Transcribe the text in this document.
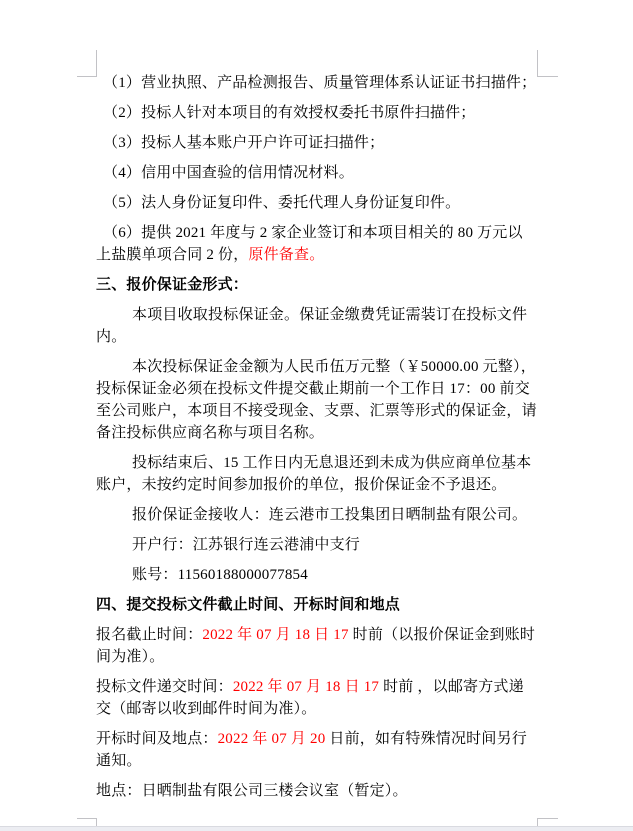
（1）营业执照、产品检测报告、质量管理体系认证证书扫描件；

（2）投标人针对本项目的有效授权委托书原件扫描件；

（3）投标人基本账户开户许可证扫描件；

（4）信用中国查验的信用情况材料。

（5）法人身份证复印件、委托代理人身份证复印件。

（6）提供 2021 年度与 2 家企业签订和本项目相关的 80 万元以上盐膜单项合同 2 份，原件备查。

三、报价保证金形式：

本项目收取投标保证金。保证金缴费凭证需装订在投标文件内。

本次投标保证金金额为人民币伍万元整（￥50000.00 元整），投标保证金必须在投标文件提交截止期前一个工作日 17：00 前交至公司账户，本项目不接受现金、支票、汇票等形式的保证金，请备注投标供应商名称与项目名称。

投标结束后、15 工作日内无息退还到未成为供应商单位基本账户，未按约定时间参加报价的单位，报价保证金不予退还。

报价保证金接收人：连云港市工投集团日晒制盐有限公司。

开户行：江苏银行连云港浦中支行

账号：11560188000077854

四、提交投标文件截止时间、开标时间和地点

报名截止时间：2022 年 07 月 18 日 17 时前（以报价保证金到账时间为准）。

投标文件递交时间：2022 年 07 月 18 日 17 时前 ，以邮寄方式递交（邮寄以收到邮件时间为准）。

开标时间及地点：2022 年 07 月 20 日前，如有特殊情况时间另行通知。

地点：日晒制盐有限公司三楼会议室（暂定）。
